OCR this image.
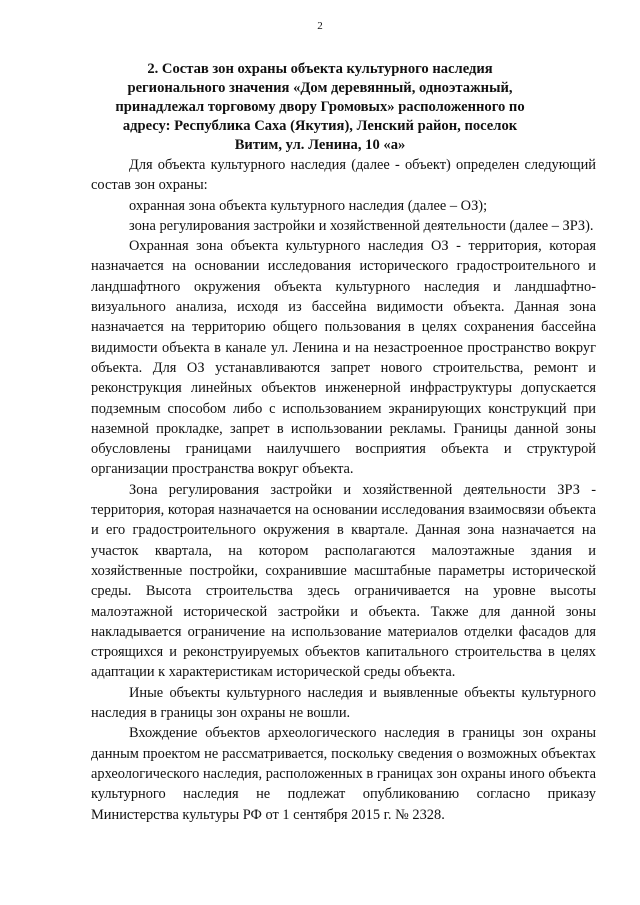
2
2. Состав зон охраны объекта культурного наследия регионального значения «Дом деревянный, одноэтажный, принадлежал торговому двору Громовых» расположенного по адресу: Республика Саха (Якутия), Ленский район, поселок Витим, ул. Ленина, 10 «а»

Для объекта культурного наследия (далее - объект) определен следующий состав зон охраны:

охранная зона объекта культурного наследия (далее – ОЗ);

зона регулирования застройки и хозяйственной деятельности (далее – ЗРЗ).

Охранная зона объекта культурного наследия ОЗ - территория, которая назначается на основании исследования исторического градостроительного и ландшафтного окружения объекта культурного наследия и ландшафтно-визуального анализа, исходя из бассейна видимости объекта. Данная зона назначается на территорию общего пользования в целях сохранения бассейна видимости объекта в канале ул. Ленина и на незастроенное пространство вокруг объекта. Для ОЗ устанавливаются запрет нового строительства, ремонт и реконструкция линейных объектов инженерной инфраструктуры допускается подземным способом либо с использованием экранирующих конструкций при наземной прокладке, запрет в использовании рекламы. Границы данной зоны обусловлены границами наилучшего восприятия объекта и структурой организации пространства вокруг объекта.

Зона регулирования застройки и хозяйственной деятельности ЗРЗ - территория, которая назначается на основании исследования взаимосвязи объекта и его градостроительного окружения в квартале. Данная зона назначается на участок квартала, на котором располагаются малоэтажные здания и хозяйственные постройки, сохранившие масштабные параметры исторической среды. Высота строительства здесь ограничивается на уровне высоты малоэтажной исторической застройки и объекта. Также для данной зоны накладывается ограничение на использование материалов отделки фасадов для строящихся и реконструируемых объектов капитального строительства в целях адаптации к характеристикам исторической среды объекта.

Иные объекты культурного наследия и выявленные объекты культурного наследия в границы зон охраны не вошли.

Вхождение объектов археологического наследия в границы зон охраны данным проектом не рассматривается, поскольку сведения о возможных объектах археологического наследия, расположенных в границах зон охраны иного объекта культурного наследия не подлежат опубликованию согласно приказу Министерства культуры РФ от 1 сентября 2015 г. № 2328.
